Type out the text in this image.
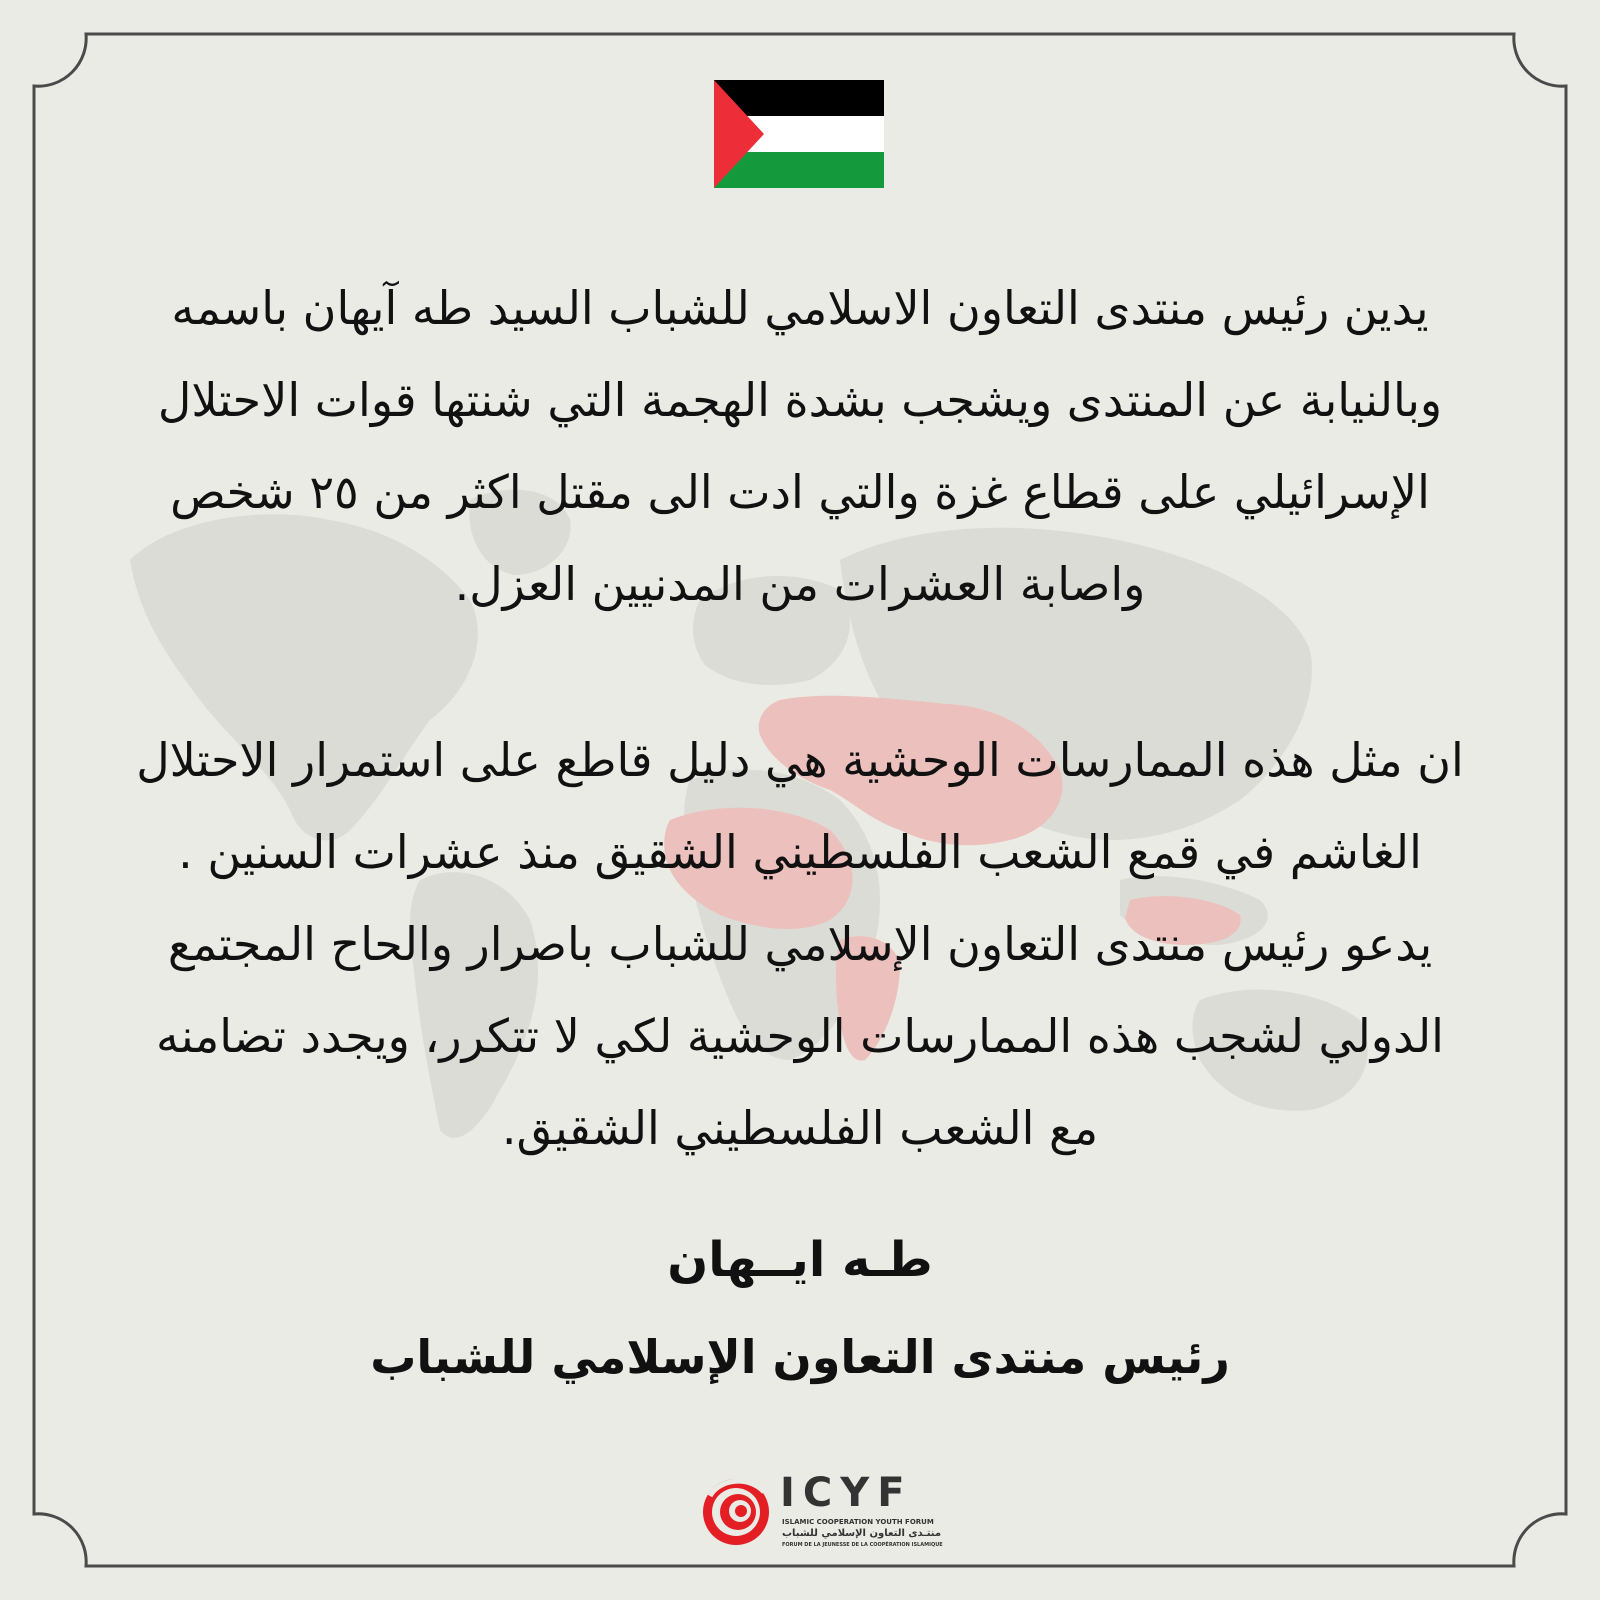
يدين رئيس منتدى التعاون الاسلامي للشباب السيد طه آيهان باسمه
وبالنيابة عن المنتدى ويشجب بشدة الهجمة التي شنتها قوات الاحتلال
الإسرائيلي على قطاع غزة والتي ادت الى مقتل اكثر من ٢٥ شخص
واصابة العشرات من المدنيين العزل.
ان مثل هذه الممارسات الوحشية هي دليل قاطع على استمرار الاحتلال
الغاشم في قمع الشعب الفلسطيني الشقيق منذ عشرات السنين .
يدعو رئيس منتدى التعاون الإسلامي للشباب باصرار والحاح المجتمع
الدولي لشجب هذه الممارسات الوحشية لكي لا تتكرر، ويجدد تضامنه
مع الشعب الفلسطيني الشقيق.
طـه ايــهان
رئيس منتدى التعاون الإسلامي للشباب
ICYF
ISLAMIC COOPERATION YOUTH FORUM
منتـدى التعاون الإسلامي للشباب
FORUM DE LA JEUNESSE DE LA COOPÉRATION ISLAMIQUE
